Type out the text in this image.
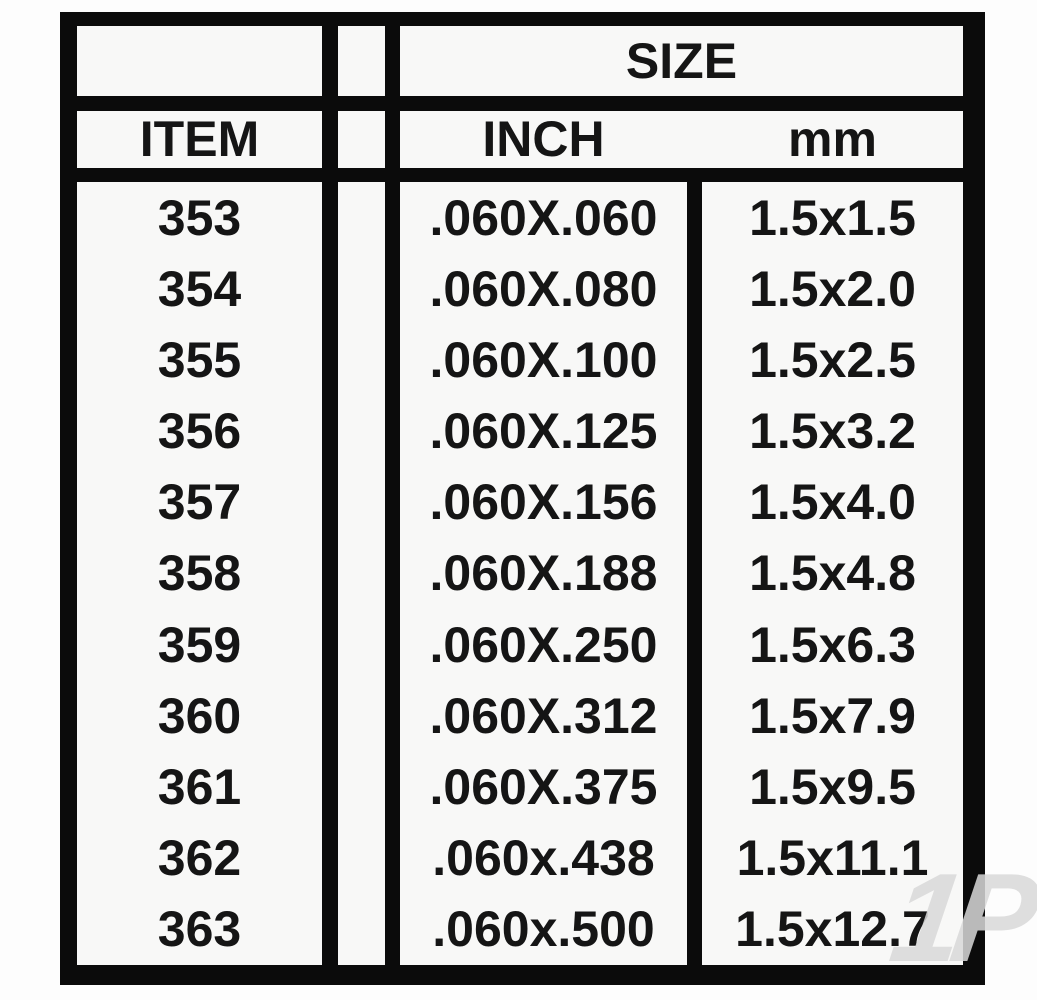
SIZE
ITEM	INCH	mm
353	.060X.060	1.5x1.5
354	.060X.080	1.5x2.0
355	.060X.100	1.5x2.5
356	.060X.125	1.5x3.2
357	.060X.156	1.5x4.0
358	.060X.188	1.5x4.8
359	.060X.250	1.5x6.3
360	.060X.312	1.5x7.9
361	.060X.375	1.5x9.5
362	.060x.438	1.5x11.1
363	.060x.500	1.5x12.7
1P
